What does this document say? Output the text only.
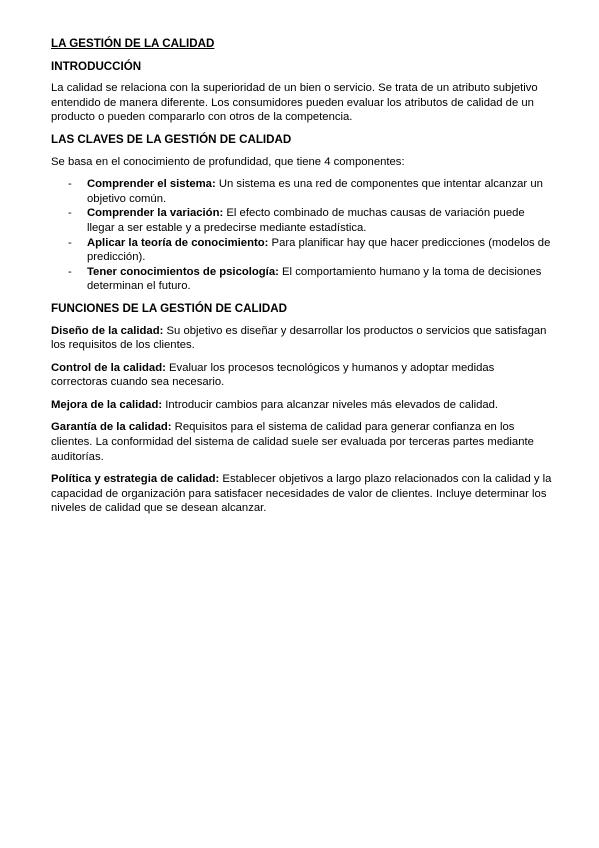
LA GESTIÓN DE LA CALIDAD
INTRODUCCIÓN
La calidad se relaciona con la superioridad de un bien o servicio. Se trata de un atributo subjetivo entendido de manera diferente. Los consumidores pueden evaluar los atributos de calidad de un producto o pueden compararlo con otros de la competencia.
LAS CLAVES DE LA GESTIÓN DE CALIDAD
Se basa en el conocimiento de profundidad, que tiene 4 componentes:
- Comprender el sistema: Un sistema es una red de componentes que intentar alcanzar un objetivo común.
- Comprender la variación: El efecto combinado de muchas causas de variación puede llegar a ser estable y a predecirse mediante estadística.
- Aplicar la teoría de conocimiento: Para planificar hay que hacer predicciones (modelos de predicción).
- Tener conocimientos de psicología: El comportamiento humano y la toma de decisiones determinan el futuro.
FUNCIONES DE LA GESTIÓN DE CALIDAD
Diseño de la calidad: Su objetivo es diseñar y desarrollar los productos o servicios que satisfagan los requisitos de los clientes.
Control de la calidad: Evaluar los procesos tecnológicos y humanos y adoptar medidas correctoras cuando sea necesario.
Mejora de la calidad: Introducir cambios para alcanzar niveles más elevados de calidad.
Garantía de la calidad: Requisitos para el sistema de calidad para generar confianza en los clientes. La conformidad del sistema de calidad suele ser evaluada por terceras partes mediante auditorías.
Política y estrategia de calidad: Establecer objetivos a largo plazo relacionados con la calidad y la capacidad de organización para satisfacer necesidades de valor de clientes. Incluye determinar los niveles de calidad que se desean alcanzar.
